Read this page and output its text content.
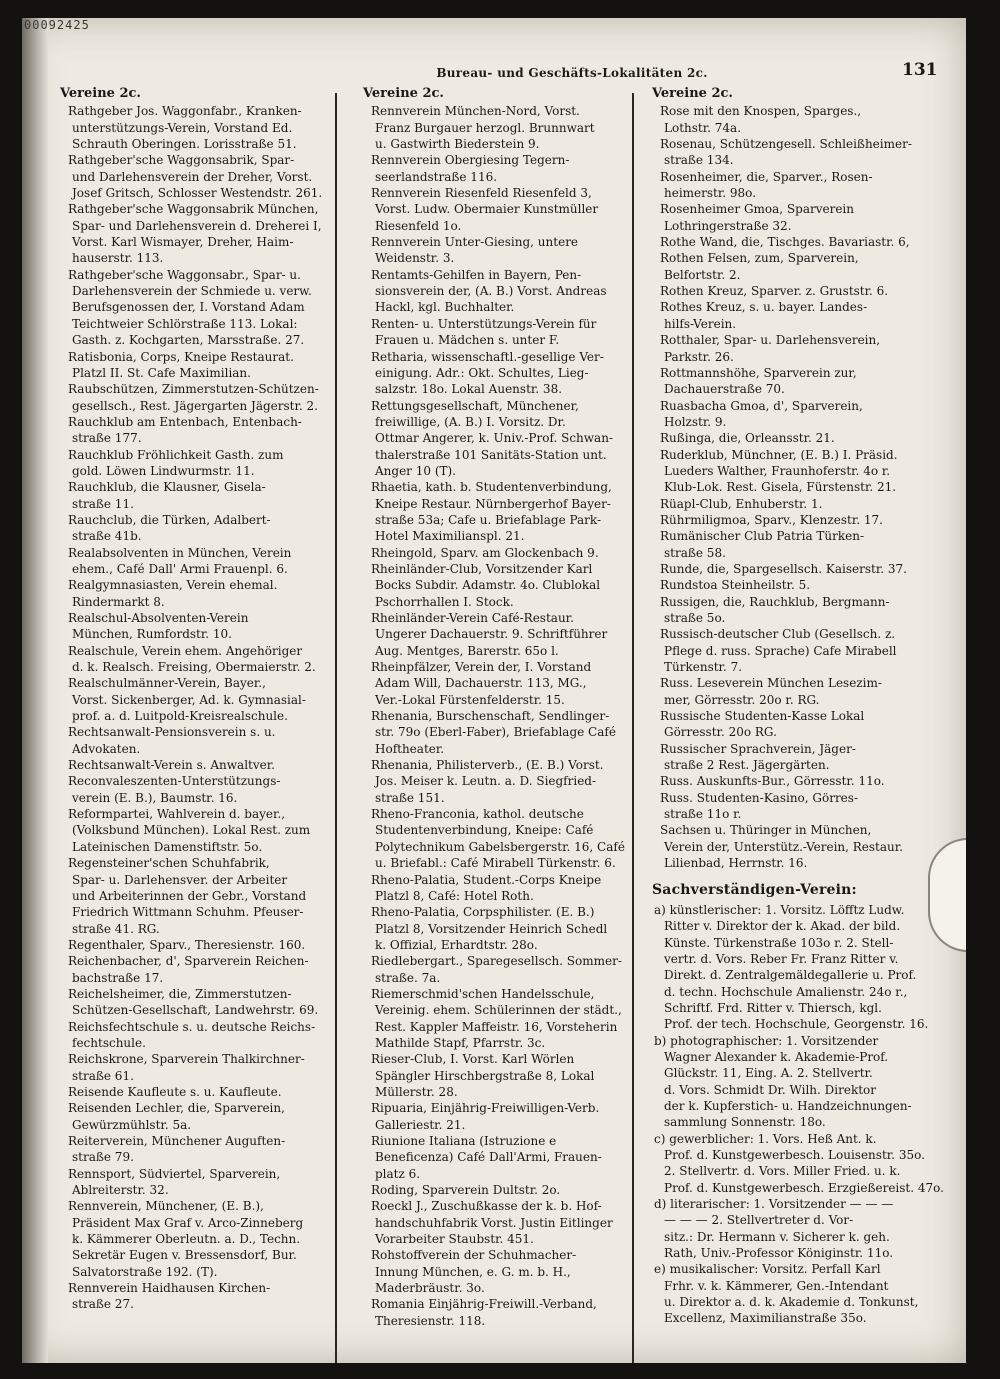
00092425
Bureau- und Geschäfts-Lokalitäten 2c.	131
Vereine 2c.
Rathgeber Jos. Waggonfabr., Kranken-
unterstützungs-Verein, Vorstand Ed.
Schrauth Oberingen. Lorisstraße 51.
Rathgeber'sche Waggonsabrik, Spar-
und Darlehensverein der Dreher, Vorst.
Josef Gritsch, Schlosser Westendstr. 261.
Rathgeber'sche Waggonsabrik München,
Spar- und Darlehensverein d. Dreherei I,
Vorst. Karl Wismayer, Dreher, Haim-
hauserstr. 113.
Rathgeber'sche Waggonsabr., Spar- u.
Darlehensverein der Schmiede u. verw.
Berufsgenossen der, I. Vorstand Adam
Teichtweier Schlörstraße 113. Lokal:
Gasth. z. Kochgarten, Marsstraße. 27.
Ratisbonia, Corps, Kneipe Restaurat.
Platzl II. St. Cafe Maximilian.
Raubschützen, Zimmerstutzen-Schützen-
gesellsch., Rest. Jägergarten Jägerstr. 2.
Rauchklub am Entenbach, Entenbach-
straße 177.
Rauchklub Fröhlichkeit Gasth. zum
gold. Löwen Lindwurmstr. 11.
Rauchklub, die Klausner, Gisela-
straße 11.
Rauchclub, die Türken, Adalbert-
straße 41b.
Realabsolventen in München, Verein
ehem., Café Dall' Armi Frauenpl. 6.
Realgymnasiasten, Verein ehemal.
Rindermarkt 8.
Realschul-Absolventen-Verein
München, Rumfordstr. 10.
Realschule, Verein ehem. Angehöriger
d. k. Realsch. Freising, Obermaierstr. 2.
Realschulmänner-Verein, Bayer.,
Vorst. Sickenberger, Ad. k. Gymnasial-
prof. a. d. Luitpold-Kreisrealschule.
Rechtsanwalt-Pensionsverein s. u.
Advokaten.
Rechtsanwalt-Verein s. Anwaltver.
Reconvaleszenten-Unterstützungs-
verein (E. B.), Baumstr. 16.
Reformpartei, Wahlverein d. bayer.,
(Volksbund München). Lokal Rest. zum
Lateinischen Damenstiftstr. 5o.
Regensteiner'schen Schuhfabrik,
Spar- u. Darlehensver. der Arbeiter
und Arbeiterinnen der Gebr., Vorstand
Friedrich Wittmann Schuhm. Pfeuser-
straße 41. RG.
Regenthaler, Sparv., Theresienstr. 160.
Reichenbacher, d', Sparverein Reichen-
bachstraße 17.
Reichelsheimer, die, Zimmerstutzen-
Schützen-Gesellschaft, Landwehrstr. 69.
Reichsfechtschule s. u. deutsche Reichs-
fechtschule.
Reichskrone, Sparverein Thalkirchner-
straße 61.
Reisende Kaufleute s. u. Kaufleute.
Reisenden Lechler, die, Sparverein,
Gewürzmühlstr. 5a.
Reiterverein, Münchener Auguften-
straße 79.
Rennsport, Südviertel, Sparverein,
Ablreiterstr. 32.
Rennverein, Münchener, (E. B.),
Präsident Max Graf v. Arco-Zinneberg
k. Kämmerer Oberleutn. a. D., Techn.
Sekretär Eugen v. Bressensdorf, Bur.
Salvatorstraße 192. (T).
Rennverein Haidhausen Kirchen-
straße 27.
Vereine 2c.
Rennverein München-Nord, Vorst.
Franz Burgauer herzogl. Brunnwart
u. Gastwirth Biederstein 9.
Rennverein Obergiesing Tegern-
seerlandstraße 116.
Rennverein Riesenfeld Riesenfeld 3,
Vorst. Ludw. Obermaier Kunstmüller
Riesenfeld 1o.
Rennverein Unter-Giesing, untere
Weidenstr. 3.
Rentamts-Gehilfen in Bayern, Pen-
sionsverein der, (A. B.) Vorst. Andreas
Hackl, kgl. Buchhalter.
Renten- u. Unterstützungs-Verein für
Frauen u. Mädchen s. unter F.
Retharia, wissenschaftl.-gesellige Ver-
einigung. Adr.: Okt. Schultes, Lieg-
salzstr. 18o. Lokal Auenstr. 38.
Rettungsgesellschaft, Münchener,
freiwillige, (A. B.) I. Vorsitz. Dr.
Ottmar Angerer, k. Univ.-Prof. Schwan-
thalerstraße 101 Sanitäts-Station unt.
Anger 10 (T).
Rhaetia, kath. b. Studentenverbindung,
Kneipe Restaur. Nürnbergerhof Bayer-
straße 53a; Cafe u. Briefablage Park-
Hotel Maximilianspl. 21.
Rheingold, Sparv. am Glockenbach 9.
Rheinländer-Club, Vorsitzender Karl
Bocks Subdir. Adamstr. 4o. Clublokal
Pschorrhallen I. Stock.
Rheinländer-Verein Café-Restaur.
Ungerer Dachauerstr. 9. Schriftführer
Aug. Mentges, Barerstr. 65o l.
Rheinpfälzer, Verein der, I. Vorstand
Adam Will, Dachauerstr. 113, MG.,
Ver.-Lokal Fürstenfelderstr. 15.
Rhenania, Burschenschaft, Sendlinger-
str. 79o (Eberl-Faber), Briefablage Café
Hoftheater.
Rhenania, Philisterverb., (E. B.) Vorst.
Jos. Meiser k. Leutn. a. D. Siegfried-
straße 151.
Rheno-Franconia, kathol. deutsche
Studentenverbindung, Kneipe: Café
Polytechnikum Gabelsbergerstr. 16, Café
u. Briefabl.: Café Mirabell Türkenstr. 6.
Rheno-Palatia, Student.-Corps Kneipe
Platzl 8, Café: Hotel Roth.
Rheno-Palatia, Corpsphilister. (E. B.)
Platzl 8, Vorsitzender Heinrich Schedl
k. Offizial, Erhardtstr. 28o.
Riedlebergart., Sparegesellsch. Sommer-
straße. 7a.
Riemerschmid'schen Handelsschule,
Vereinig. ehem. Schülerinnen der städt.,
Rest. Kappler Maffeistr. 16, Vorsteherin
Mathilde Stapf, Pfarrstr. 3c.
Rieser-Club, I. Vorst. Karl Wörlen
Spängler Hirschbergstraße 8, Lokal
Müllerstr. 28.
Ripuaria, Einjährig-Freiwilligen-Verb.
Galleriestr. 21.
Riunione Italiana (Istruzione e
Beneficenza) Café Dall'Armi, Frauen-
platz 6.
Roding, Sparverein Dultstr. 2o.
Roeckl J., Zuschußkasse der k. b. Hof-
handschuhfabrik Vorst. Justin Eitlinger
Vorarbeiter Staubstr. 451.
Rohstoffverein der Schuhmacher-
Innung München, e. G. m. b. H.,
Maderbräustr. 3o.
Romania Einjährig-Freiwill.-Verband,
Theresienstr. 118.
Vereine 2c.
Rose mit den Knospen, Sparges.,
Lothstr. 74a.
Rosenau, Schützengesell. Schleißheimer-
straße 134.
Rosenheimer, die, Sparver., Rosen-
heimerstr. 98o.
Rosenheimer Gmoa, Sparverein
Lothringerstraße 32.
Rothe Wand, die, Tischges. Bavariastr. 6,
Rothen Felsen, zum, Sparverein,
Belfortstr. 2.
Rothen Kreuz, Sparver. z. Gruststr. 6.
Rothes Kreuz, s. u. bayer. Landes-
hilfs-Verein.
Rotthaler, Spar- u. Darlehensverein,
Parkstr. 26.
Rottmannshöhe, Sparverein zur,
Dachauerstraße 70.
Ruasbacha Gmoa, d', Sparverein,
Holzstr. 9.
Rußinga, die, Orleansstr. 21.
Ruderklub, Münchner, (E. B.) I. Präsid.
Lueders Walther, Fraunhoferstr. 4o r.
Klub-Lok. Rest. Gisela, Fürstenstr. 21.
Rüapl-Club, Enhuberstr. 1.
Rührmiligmoa, Sparv., Klenzestr. 17.
Rumänischer Club Patria Türken-
straße 58.
Runde, die, Spargesellsch. Kaiserstr. 37.
Rundstoa Steinheilstr. 5.
Russigen, die, Rauchklub, Bergmann-
straße 5o.
Russisch-deutscher Club (Gesellsch. z.
Pflege d. russ. Sprache) Cafe Mirabell
Türkenstr. 7.
Russ. Leseverein München Lesezim-
mer, Görresstr. 20o r. RG.
Russische Studenten-Kasse Lokal
Görresstr. 20o RG.
Russischer Sprachverein, Jäger-
straße 2 Rest. Jägergärten.
Russ. Auskunfts-Bur., Görresstr. 11o.
Russ. Studenten-Kasino, Görres-
straße 11o r.
Sachsen u. Thüringer in München,
Verein der, Unterstütz.-Verein, Restaur.
Lilienbad, Herrnstr. 16.
Sachverständigen-Verein:
a) künstlerischer: 1. Vorsitz. Löfftz Ludw.
Ritter v. Direktor der k. Akad. der bild.
Künste. Türkenstraße 103o r. 2. Stell-
vertr. d. Vors. Reber Fr. Franz Ritter v.
Direkt. d. Zentralgemäldegallerie u. Prof.
d. techn. Hochschule Amalienstr. 24o r.,
Schriftf. Frd. Ritter v. Thiersch, kgl.
Prof. der tech. Hochschule, Georgenstr. 16.
b) photographischer: 1. Vorsitzender
Wagner Alexander k. Akademie-Prof.
Glückstr. 11, Eing. A. 2. Stellvertr.
d. Vors. Schmidt Dr. Wilh. Direktor
der k. Kupferstich- u. Handzeichnungen-
sammlung Sonnenstr. 18o.
c) gewerblicher: 1. Vors. Heß Ant. k.
Prof. d. Kunstgewerbesch. Louisenstr. 35o.
2. Stellvertr. d. Vors. Miller Fried. u. k.
Prof. d. Kunstgewerbesch. Erzgießereist. 47o.
d) literarischer: 1. Vorsitzender — — —
— — — 2. Stellvertreter d. Vor-
sitz.: Dr. Hermann v. Sicherer k. geh.
Rath, Univ.-Professor Königinstr. 11o.
e) musikalischer: Vorsitz. Perfall Karl
Frhr. v. k. Kämmerer, Gen.-Intendant
u. Direktor a. d. k. Akademie d. Tonkunst,
Excellenz, Maximilianstraße 35o.
